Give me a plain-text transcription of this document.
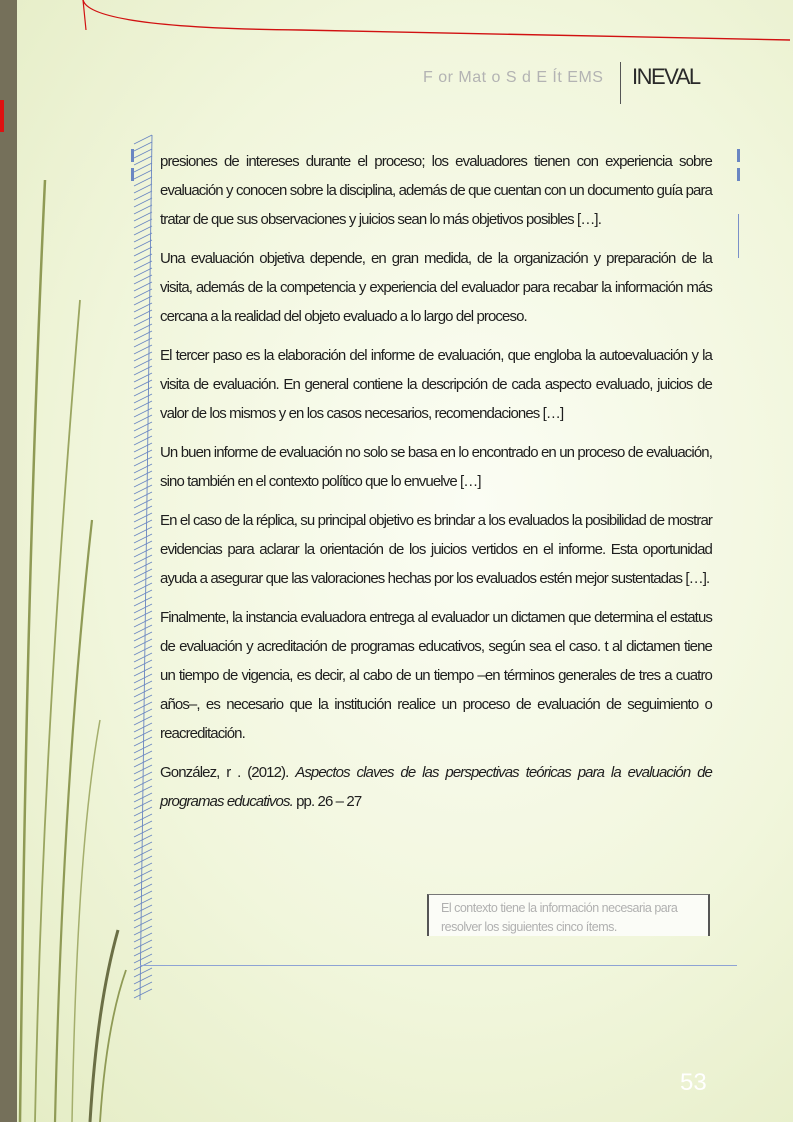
F or Mat o S d E Ít EMS INEVAL

presiones de intereses durante el proceso; los evaluadores tienen con experiencia sobre evaluación y conocen sobre la disciplina, además de que cuentan con un documento guía para tratar de que sus observaciones y juicios sean lo más objetivos posibles […].

Una evaluación objetiva depende, en gran medida, de la organización y preparación de la visita, además de la competencia y experiencia del evaluador para recabar la información más cercana a la realidad del objeto evaluado a lo largo del proceso.

El tercer paso es la elaboración del informe de evaluación, que engloba la autoevaluación y la visita de evaluación. En general contiene la descripción de cada aspecto evaluado, juicios de valor de los mismos y en los casos necesarios, recomendaciones […]

Un buen informe de evaluación no solo se basa en lo encontrado en un proceso de evaluación, sino también en el contexto político que lo envuelve […]

En el caso de la réplica, su principal objetivo es brindar a los evaluados la posibilidad de mostrar evidencias para aclarar la orientación de los juicios vertidos en el informe. Esta oportunidad ayuda a asegurar que las valoraciones hechas por los evaluados estén mejor sustentadas […].

Finalmente, la instancia evaluadora entrega al evaluador un dictamen que determina el estatus de evaluación y acreditación de programas educativos, según sea el caso. t al dictamen tiene un tiempo de vigencia, es decir, al cabo de un tiempo –en términos generales de tres a cuatro años–, es necesario que la institución realice un proceso de evaluación de seguimiento o reacreditación.

González, r . (2012). Aspectos claves de las perspectivas teóricas para la evaluación de programas educativos. pp. 26 – 27

El contexto tiene la información necesaria para resolver los siguientes cinco ítems.
53
